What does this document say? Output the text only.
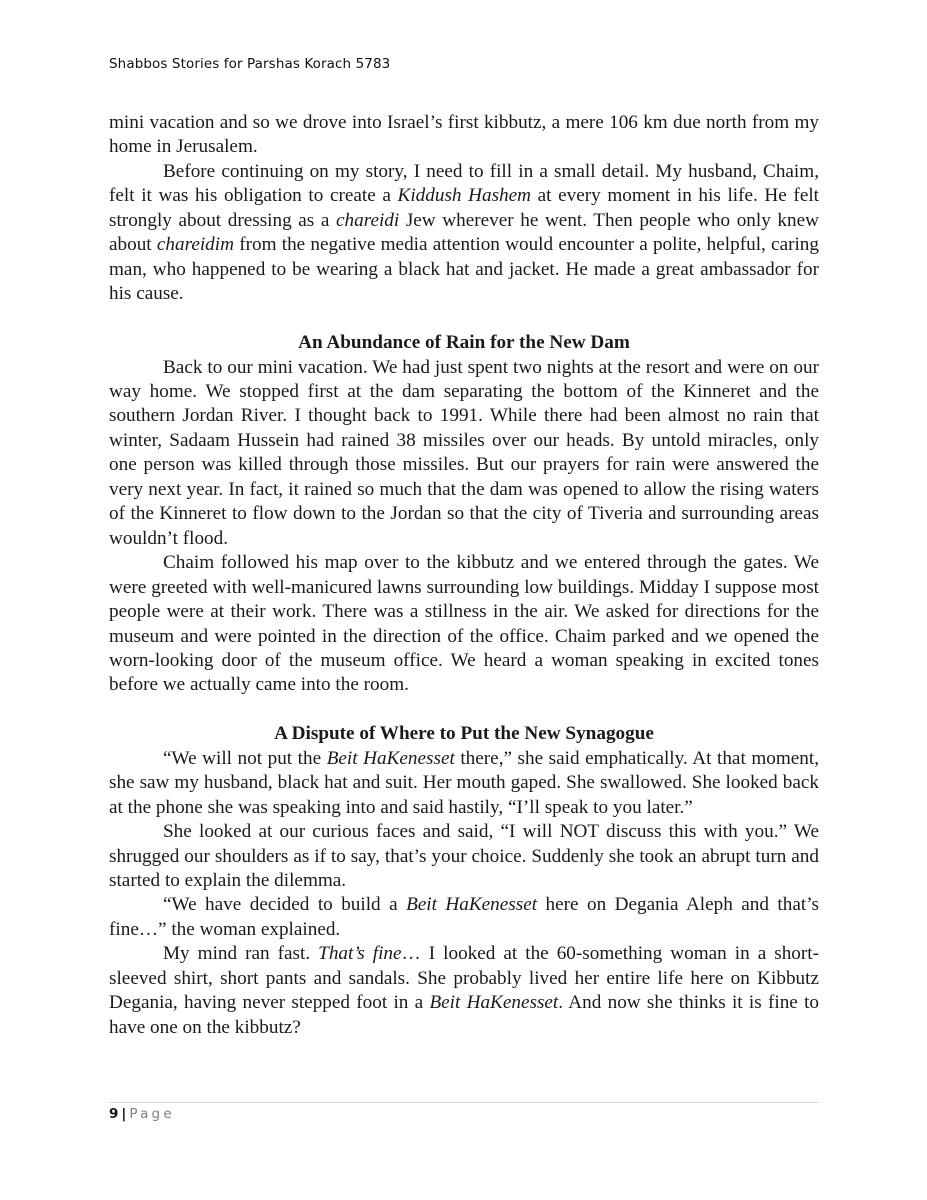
Shabbos Stories for Parshas Korach 5783

mini vacation and so we drove into Israel’s first kibbutz, a mere 106 km due north from my home in Jerusalem.

Before continuing on my story, I need to fill in a small detail. My husband, Chaim, felt it was his obligation to create a Kiddush Hashem at every moment in his life. He felt strongly about dressing as a chareidi Jew wherever he went. Then people who only knew about chareidim from the negative media attention would encounter a polite, helpful, caring man, who happened to be wearing a black hat and jacket. He made a great ambassador for his cause.

An Abundance of Rain for the New Dam

Back to our mini vacation. We had just spent two nights at the resort and were on our way home. We stopped first at the dam separating the bottom of the Kinneret and the southern Jordan River. I thought back to 1991. While there had been almost no rain that winter, Sadaam Hussein had rained 38 missiles over our heads. By untold miracles, only one person was killed through those missiles. But our prayers for rain were answered the very next year. In fact, it rained so much that the dam was opened to allow the rising waters of the Kinneret to flow down to the Jordan so that the city of Tiveria and surrounding areas wouldn’t flood.

Chaim followed his map over to the kibbutz and we entered through the gates. We were greeted with well-manicured lawns surrounding low buildings. Midday I suppose most people were at their work. There was a stillness in the air. We asked for directions for the museum and were pointed in the direction of the office. Chaim parked and we opened the worn-looking door of the museum office. We heard a woman speaking in excited tones before we actually came into the room.

A Dispute of Where to Put the New Synagogue

“We will not put the Beit HaKenesset there,” she said emphatically. At that moment, she saw my husband, black hat and suit. Her mouth gaped. She swallowed. She looked back at the phone she was speaking into and said hastily, “I’ll speak to you later.”

She looked at our curious faces and said, “I will NOT discuss this with you.” We shrugged our shoulders as if to say, that’s your choice. Suddenly she took an abrupt turn and started to explain the dilemma.

“We have decided to build a Beit HaKenesset here on Degania Aleph and that’s fine…” the woman explained.

My mind ran fast. That’s fine… I looked at the 60-something woman in a short-sleeved shirt, short pants and sandals. She probably lived her entire life here on Kibbutz Degania, having never stepped foot in a Beit HaKenesset. And now she thinks it is fine to have one on the kibbutz?

9 | Page
